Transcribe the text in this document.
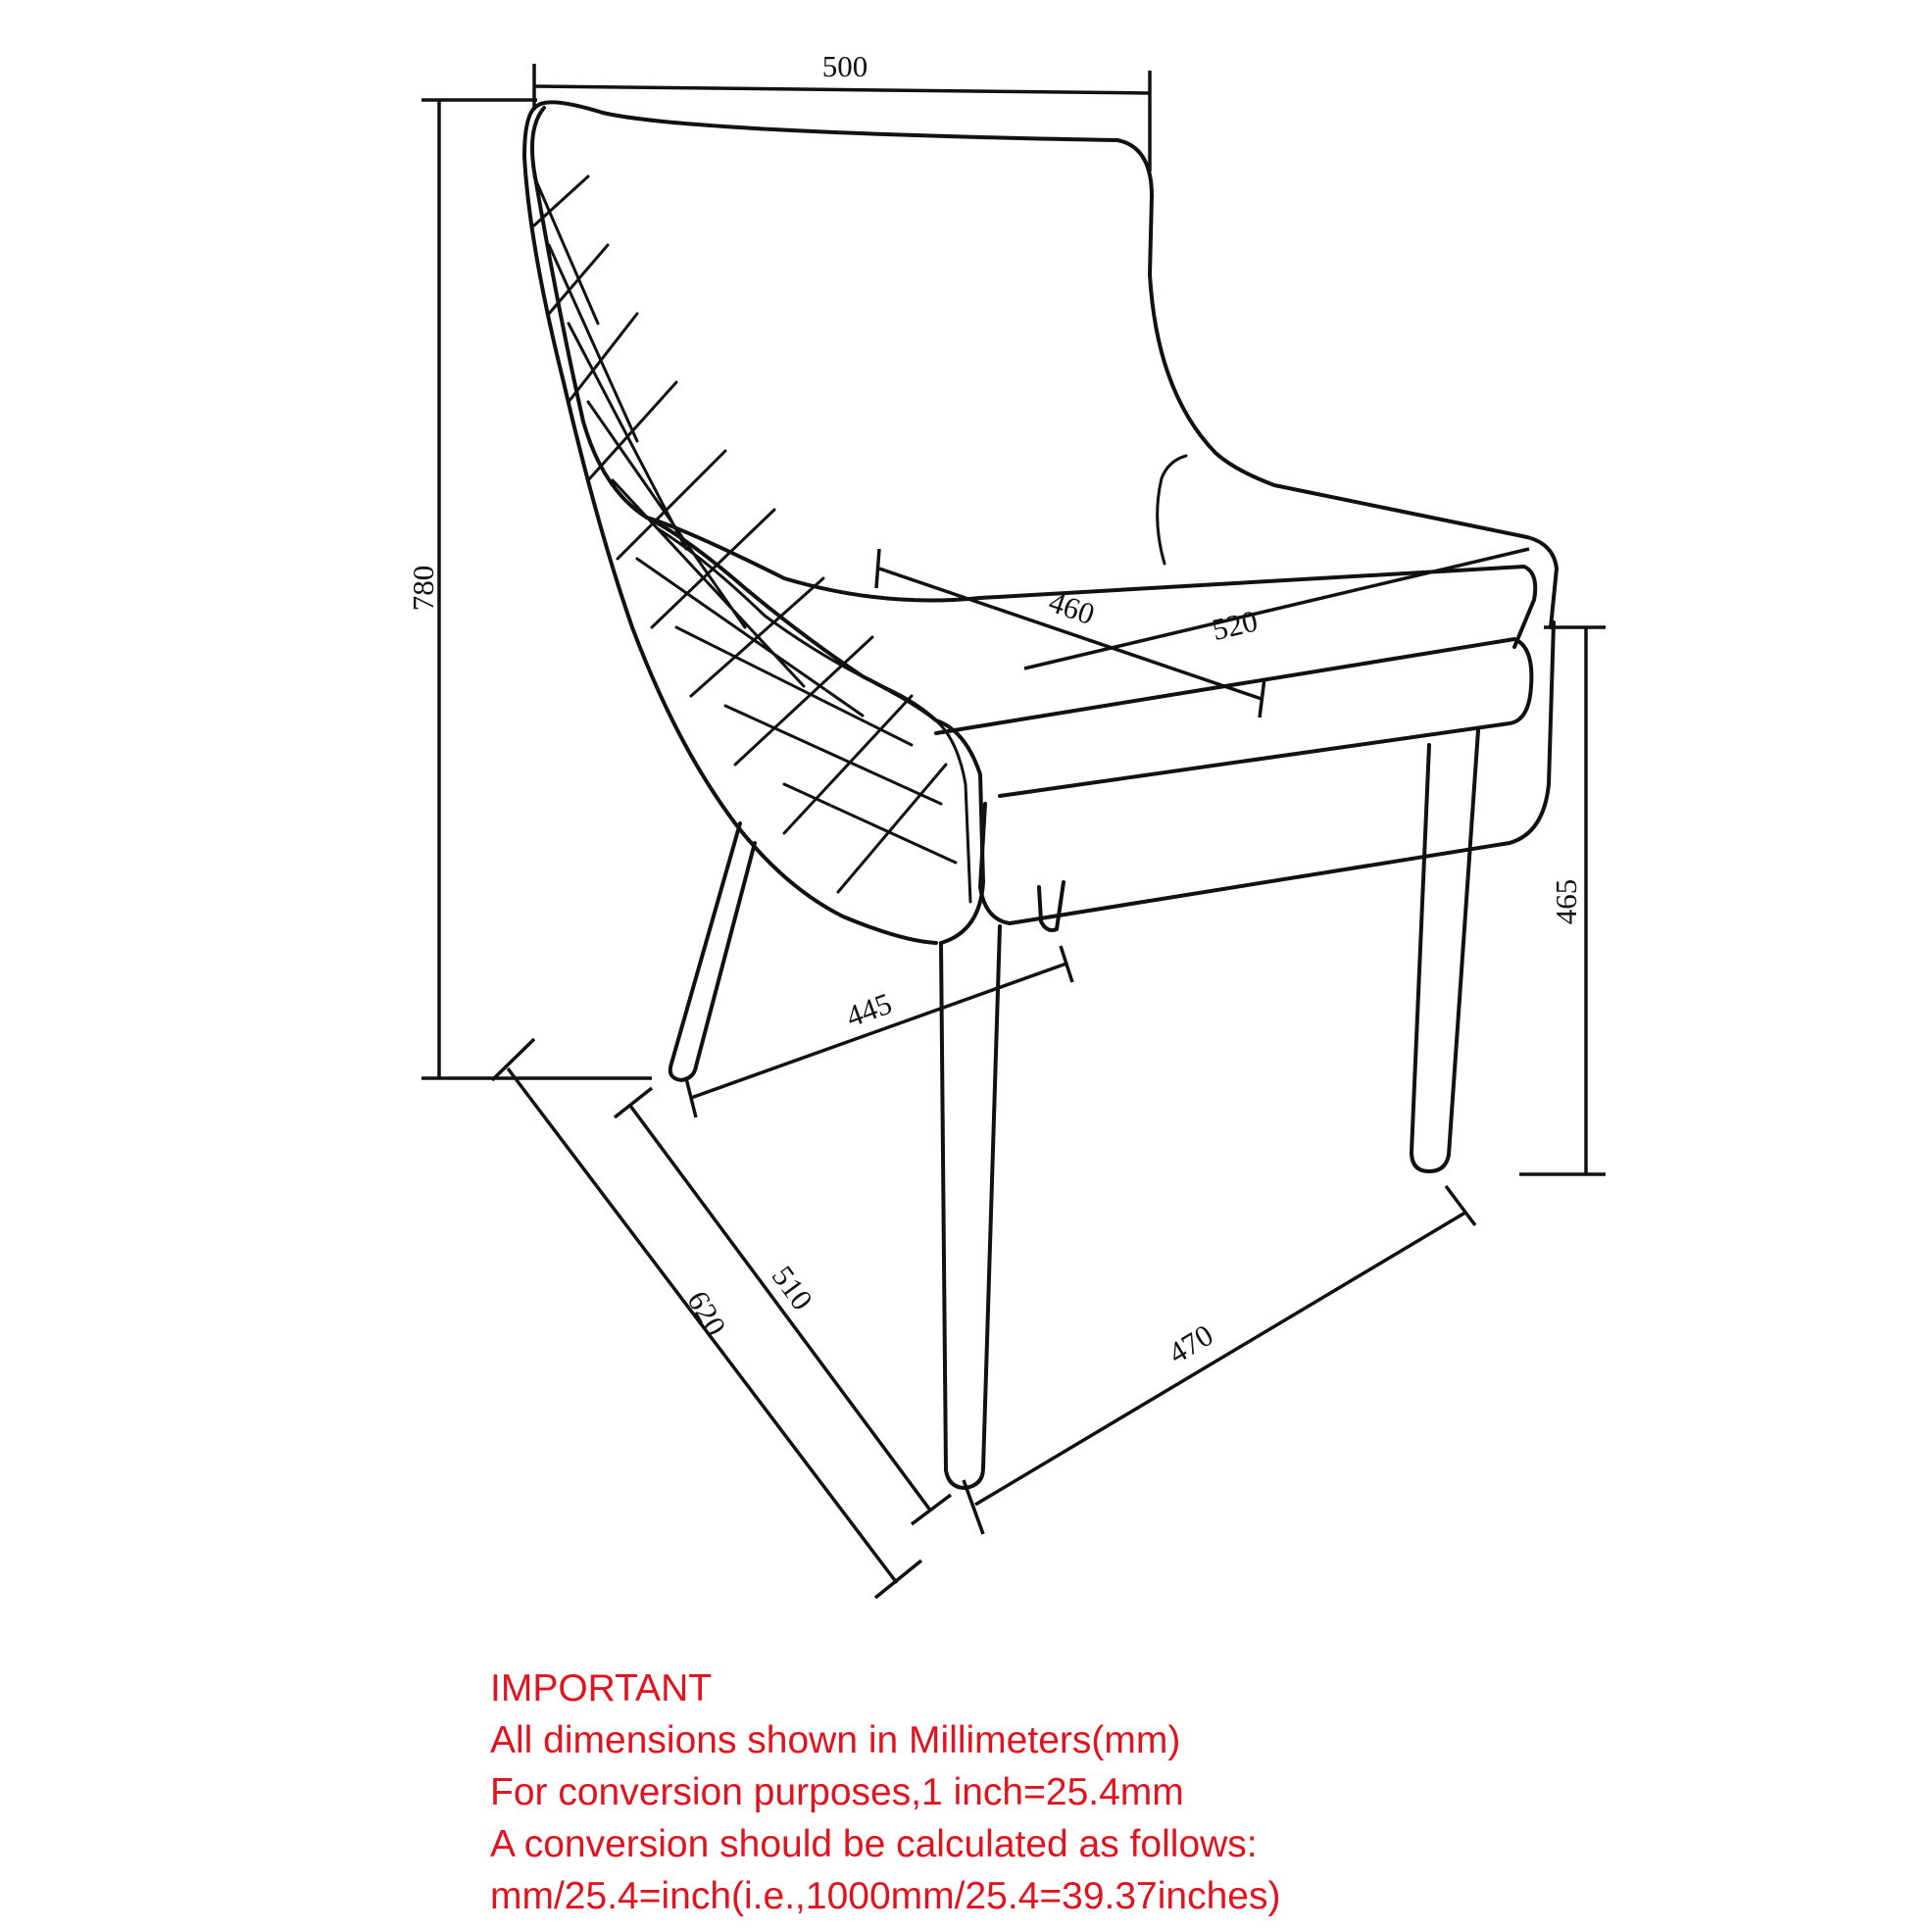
500
780	460	520
445
465
620 510
470
IMPORTANT
All dimensions shown in Millimeters(mm)
For conversion purposes,1 inch=25.4mm
A conversion should be calculated as follows:
mm/25.4=inch(i.e.,1000mm/25.4=39.37inches)
